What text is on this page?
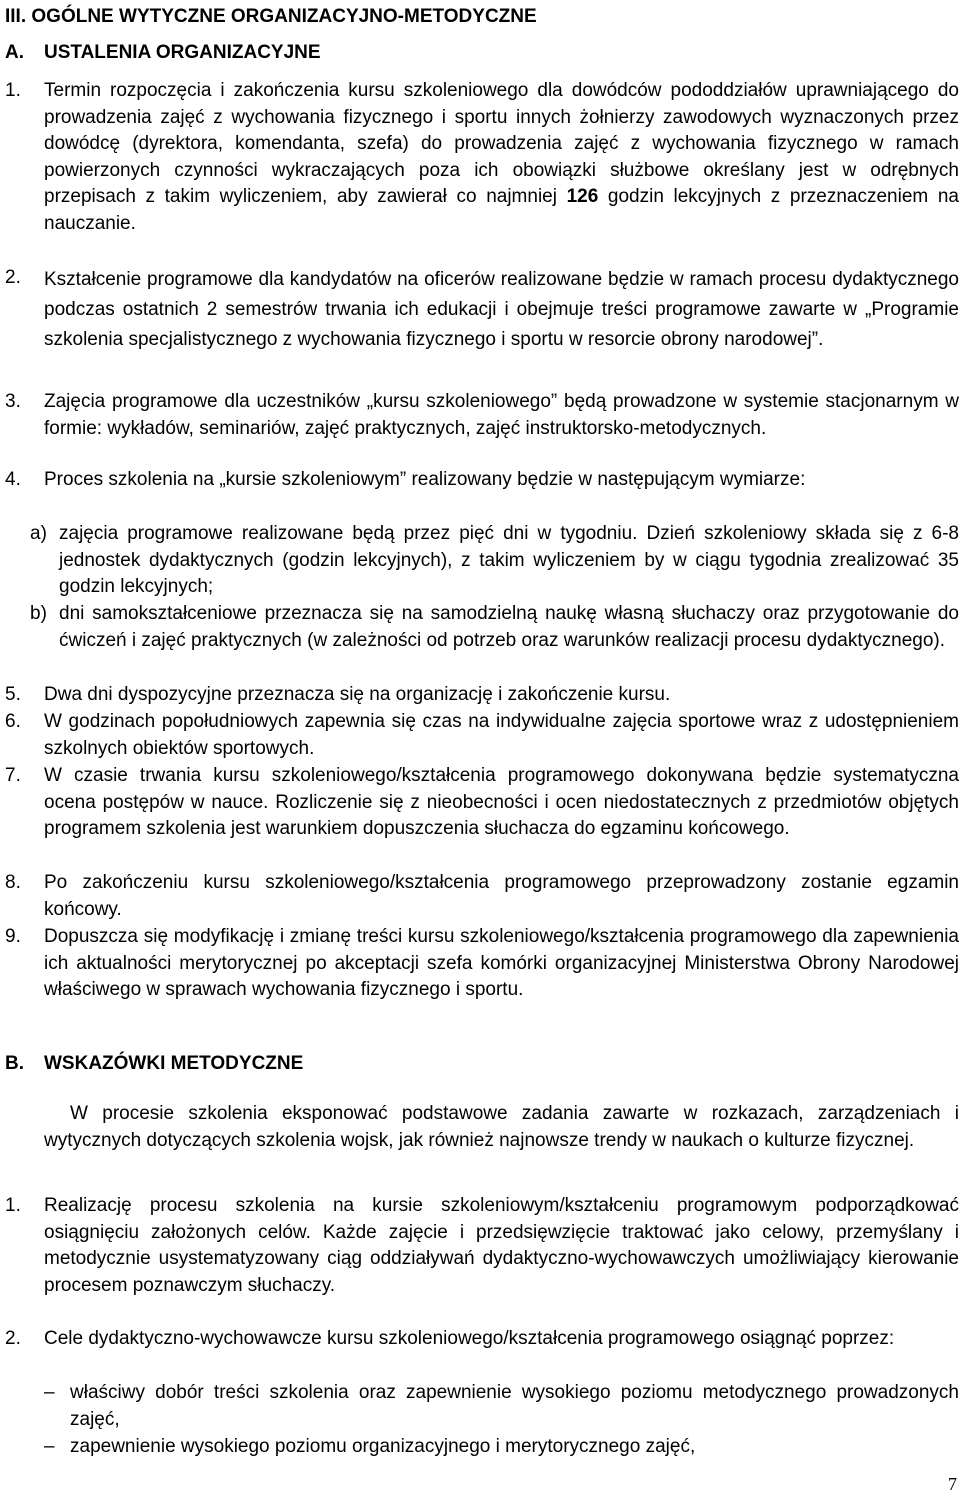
III. OGÓLNE WYTYCZNE ORGANIZACYJNO-METODYCZNE
A. USTALENIA ORGANIZACYJNE
1. Termin rozpoczęcia i zakończenia kursu szkoleniowego dla dowódców pododdziałów uprawniającego do prowadzenia zajęć z wychowania fizycznego i sportu innych żołnierzy zawodowych wyznaczonych przez dowódcę (dyrektora, komendanta, szefa) do prowadzenia zajęć z wychowania fizycznego w ramach powierzonych czynności wykraczających poza ich obowiązki służbowe określany jest w odrębnych przepisach z takim wyliczeniem, aby zawierał co najmniej 126 godzin lekcyjnych z przeznaczeniem na nauczanie.
2. Kształcenie programowe dla kandydatów na oficerów realizowane będzie w ramach procesu dydaktycznego podczas ostatnich 2 semestrów trwania ich edukacji i obejmuje treści programowe zawarte w „Programie szkolenia specjalistycznego z wychowania fizycznego i sportu w resorcie obrony narodowej”.
3. Zajęcia programowe dla uczestników „kursu szkoleniowego” będą prowadzone w systemie stacjonarnym w formie: wykładów, seminariów, zajęć praktycznych, zajęć instruktorsko-metodycznych.
4. Proces szkolenia na „kursie szkoleniowym” realizowany będzie w następującym wymiarze:
a) zajęcia programowe realizowane będą przez pięć dni w tygodniu. Dzień szkoleniowy składa się z 6-8 jednostek dydaktycznych (godzin lekcyjnych), z takim wyliczeniem by w ciągu tygodnia zrealizować 35 godzin lekcyjnych;
b) dni samokształceniowe przeznacza się na samodzielną naukę własną słuchaczy oraz przygotowanie do ćwiczeń i zajęć praktycznych (w zależności od potrzeb oraz warunków realizacji procesu dydaktycznego).
5. Dwa dni dyspozycyjne przeznacza się na organizację i zakończenie kursu.
6. W godzinach popołudniowych zapewnia się czas na indywidualne zajęcia sportowe wraz z udostępnieniem szkolnych obiektów sportowych.
7. W czasie trwania kursu szkoleniowego/kształcenia programowego dokonywana będzie systematyczna ocena postępów w nauce. Rozliczenie się z nieobecności i ocen niedostatecznych z przedmiotów objętych programem szkolenia jest warunkiem dopuszczenia słuchacza do egzaminu końcowego.
8. Po zakończeniu kursu szkoleniowego/kształcenia programowego przeprowadzony zostanie egzamin końcowy.
9. Dopuszcza się modyfikację i zmianę treści kursu szkoleniowego/kształcenia programowego dla zapewnienia ich aktualności merytorycznej po akceptacji szefa komórki organizacyjnej Ministerstwa Obrony Narodowej właściwego w sprawach wychowania fizycznego i sportu.
B. WSKAZÓWKI METODYCZNE
W procesie szkolenia eksponować podstawowe zadania zawarte w rozkazach, zarządzeniach i wytycznych dotyczących szkolenia wojsk, jak również najnowsze trendy w naukach o kulturze fizycznej.
1. Realizację procesu szkolenia na kursie szkoleniowym/kształceniu programowym podporządkować osiągnięciu założonych celów. Każde zajęcie i przedsięwzięcie traktować jako celowy, przemyślany i metodycznie usystematyzowany ciąg oddziaływań dydaktyczno-wychowawczych umożliwiający kierowanie procesem poznawczym słuchaczy.
2. Cele dydaktyczno-wychowawcze kursu szkoleniowego/kształcenia programowego osiągnąć poprzez:
– właściwy dobór treści szkolenia oraz zapewnienie wysokiego poziomu metodycznego prowadzonych zajęć,
– zapewnienie wysokiego poziomu organizacyjnego i merytorycznego zajęć,
7
